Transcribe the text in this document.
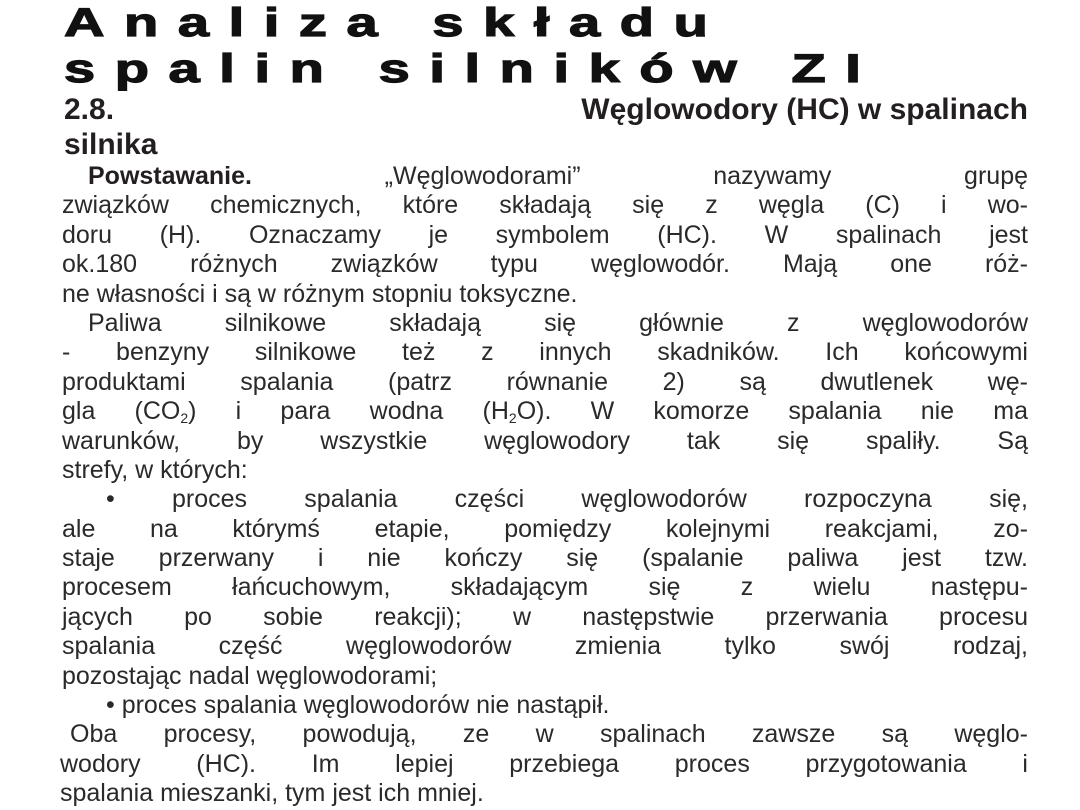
Analiza składu
spalin silników ZI
2.8.	Węglowodory (HC) w spalinach
silnika
Powstawanie.	„Węglowodorami” nazywamy grupę
związków chemicznych, które składają się z węgla (C) i wo-
doru (H). Oznaczamy je symbolem (HC). W spalinach jest
ok.180 różnych związków typu węglowodór. Mają one róż-
ne własności i są w różnym stopniu toksyczne.
Paliwa silnikowe składają się głównie z węglowodorów
- benzyny silnikowe też z innych skadników. Ich końcowymi
produktami spalania (patrz równanie 2) są dwutlenek wę-
gla $(CO_2)$ i para wodna $(H_2O)$. W komorze spalania nie ma
warunków, by wszystkie węglowodory tak się spaliły. Są
strefy, w których:
• proces spalania części węglowodorów rozpoczyna się,
ale na którymś etapie, pomiędzy kolejnymi reakcjami, zo-
staje przerwany i nie kończy się (spalanie paliwa jest tzw.
procesem łańcuchowym, składającym się z wielu następu-
jących po sobie reakcji); w następstwie przerwania procesu
spalania część węglowodorów zmienia tylko swój rodzaj,
pozostając nadal węglowodorami;
• proces spalania węglowodorów nie nastąpił.
Oba procesy, powodują, ze w spalinach zawsze są węglo-
wodory (HC). Im lepiej przebiega proces przygotowania i
spalania mieszanki, tym jest ich mniej.
